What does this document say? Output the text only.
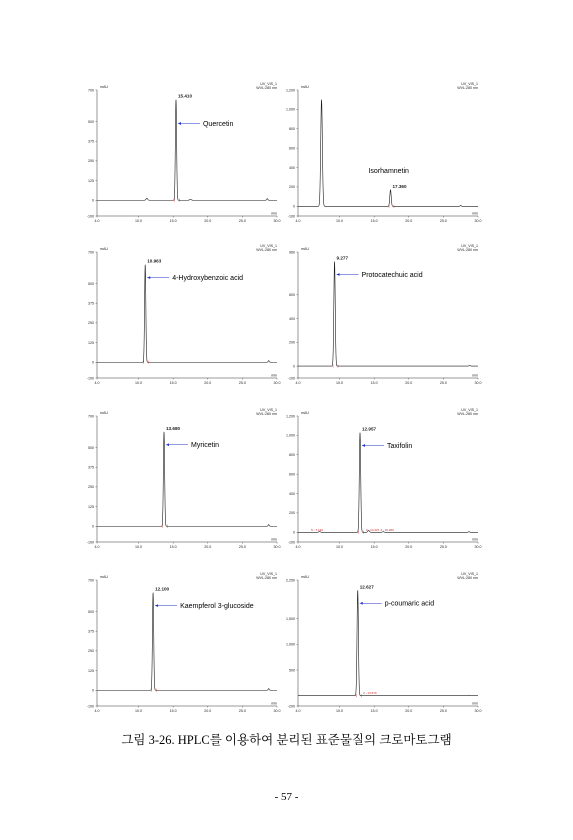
mAU
UV_VIS_1
WVL:280 nm
-100
0
125
250
375
500
700
4.0	10.0	15.0	20.0	25.0	30.0
min
15.410
Quercetin
mAU
UV_VIS_1
WVL:280 nm
-100
0
200
400
600
800
1,000
1,200
4.0	10.0	15.0	20.0	25.0	30.0
min
17.360
Isorhamnetin
mAU
UV_VIS_1
WVL:280 nm
-100
0
125
250
375
500
700
4.0	10.0	15.0	20.0	25.0	30.0
min
10.963
4-Hydroxybenzoic acid
mAU
UV_VIS_1
WVL:280 nm
-100
0
200
400
600
960
4.0	10.0	15.0	20.0	25.0	30.0
min
9.277
Protocatechuic acid
mAU
UV_VIS_1
WVL:280 nm
-100
0
125
250
375
500
700
4.0	10.0	15.0	20.0	25.0	30.0
min
13.680
Myricetin
mAU
UV_VIS_1
WVL:280 nm
-100
0
200
400
600
800
1,000
1,200
4.0	10.0	15.0	20.0	25.0	30.0
min
12.957
Taxifolin
5 - 7.120	3 - 14.227 4 - 16.260
mAU
UV_VIS_1
WVL:280 nm
-100
0
125
250
375
500
700
4.0	10.0	15.0	20.0	25.0	30.0
min
12.100
Kaempferol 3-glucoside
mAU
UV_VIS_1
WVL:280 nm
-200
500
1,000
1,500
2,250
4.0	10.0	15.0	20.0	25.0	30.0
min
12.627
p-coumaric acid
2 - 13.670
그림 3-26. HPLC를 이용하여 분리된 표준물질의 크로마토그램
- 57 -
